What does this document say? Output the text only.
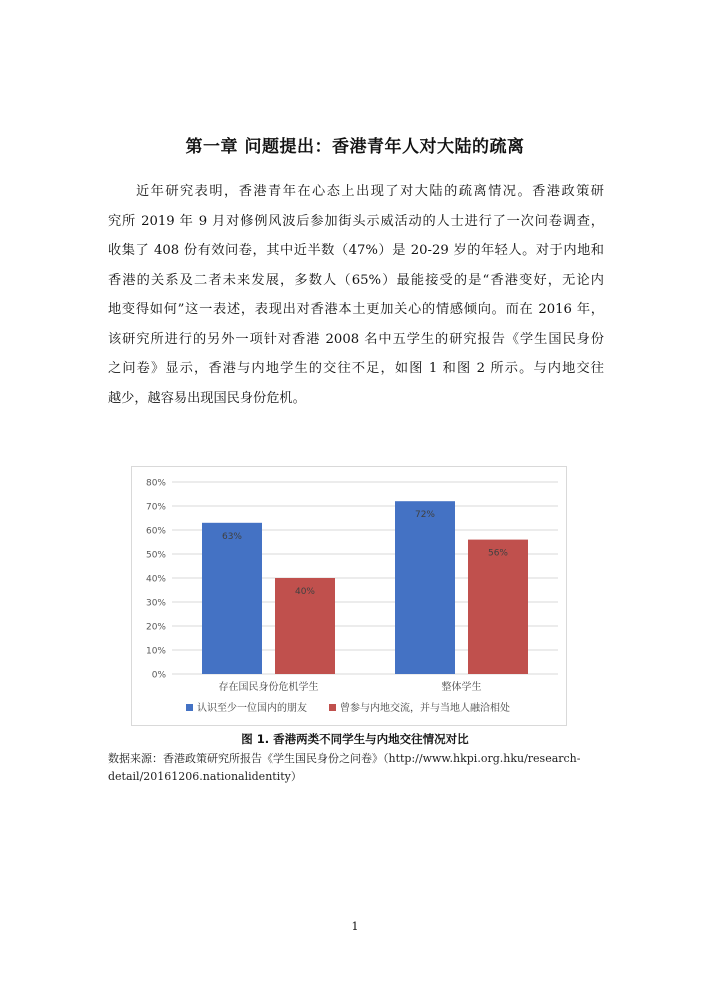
第一章 问题提出：香港青年人对大陆的疏离

近年研究表明，香港青年在心态上出现了对大陆的疏离情况。香港政策研
究所 2019 年 9 月对修例风波后参加街头示威活动的人士进行了一次问卷调查，
收集了 408 份有效问卷，其中近半数（47%）是 20-29 岁的年轻人。对于内地和
香港的关系及二者未来发展，多数人（65%）最能接受的是“香港变好，无论内
地变得如何”这一表述，表现出对香港本土更加关心的情感倾向。而在 2016 年，
该研究所进行的另外一项针对香港 2008 名中五学生的研究报告《学生国民身份
之问卷》显示，香港与内地学生的交往不足，如图 1 和图 2 所示。与内地交往
越少，越容易出现国民身份危机。

0%
10%
20%
30%
40%
50%
60%
70%
80%
63%
40%
存在国民身份危机学生
72%
56%
整体学生
认识至少一位国内的朋友	曾参与内地交流，并与当地人融洽相处
图 1. 香港两类不同学生与内地交往情况对比
数据来源：香港政策研究所报告《学生国民身份之问卷》（http://www.hkpi.org.hku/research-
detail/20161206.nationalidentity）
1
